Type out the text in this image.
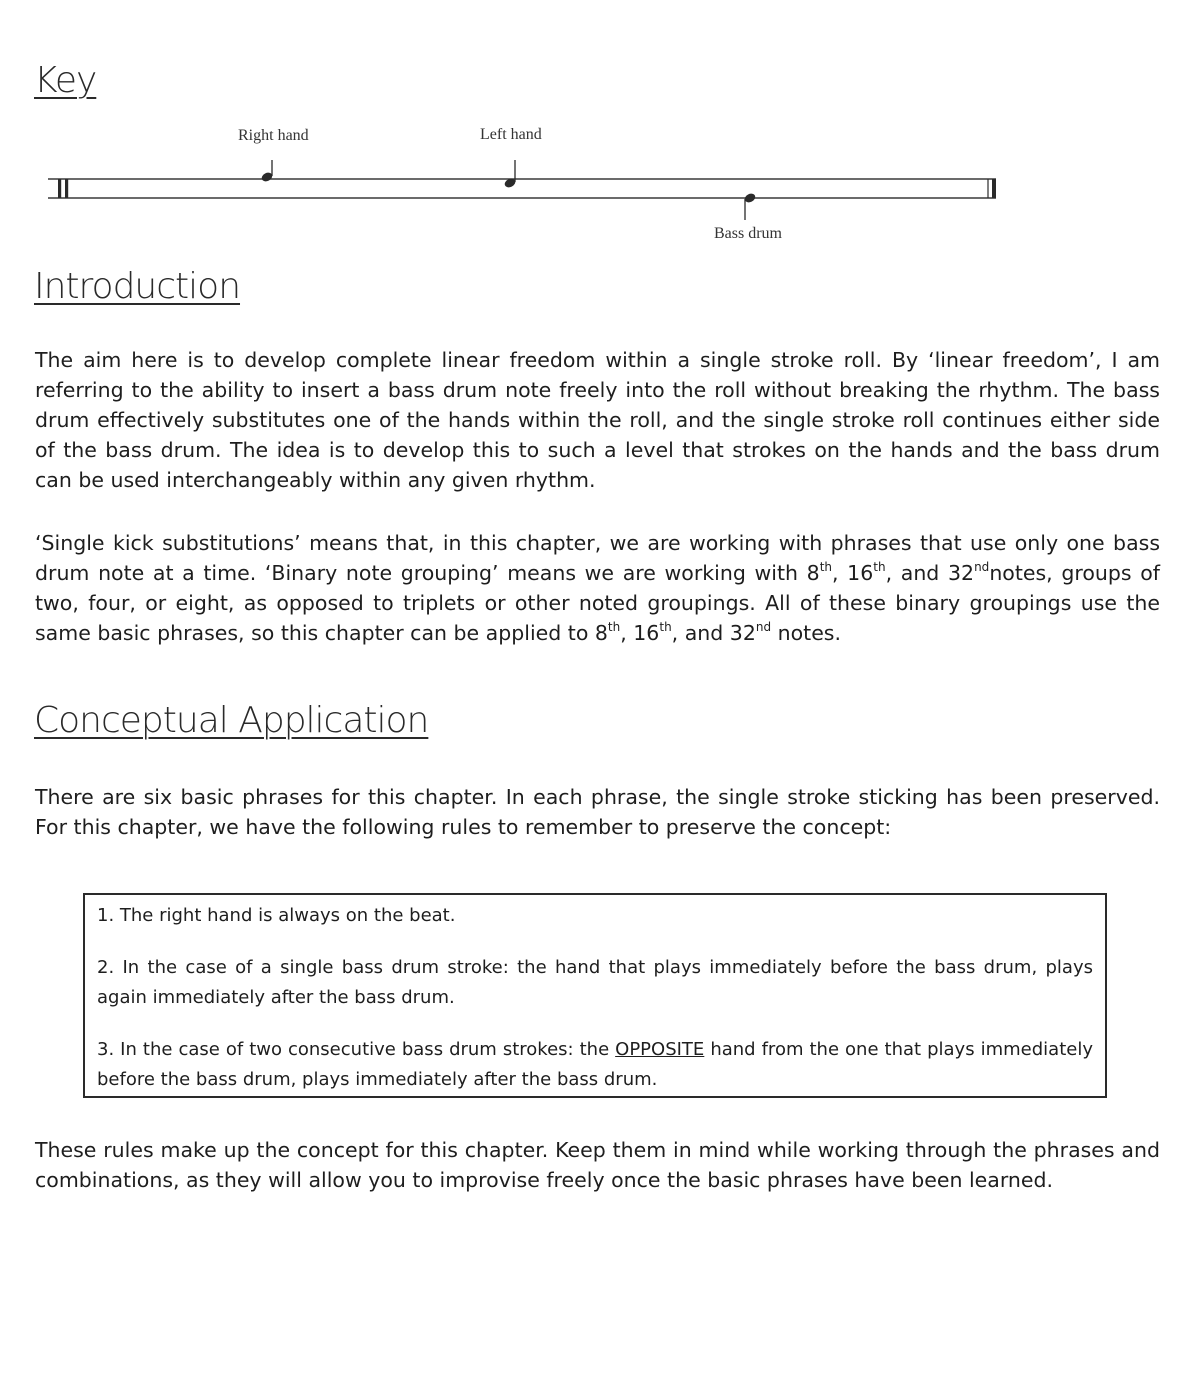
Key
Right hand	Left hand
Bass drum
Introduction

The aim here is to develop complete linear freedom within a single stroke roll. By ‘linear freedom’, I am referring to the ability to insert a bass drum note freely into the roll without breaking the rhythm. The bass drum effectively substitutes one of the hands within the roll, and the single stroke roll continues either side of the bass drum. The idea is to develop this to such a level that strokes on the hands and the bass drum can be used interchangeably within any given rhythm.

‘Single kick substitutions’ means that, in this chapter, we are working with phrases that use only one bass drum note at a time. ‘Binary note grouping’ means we are working with 8th, 16th, and 32ndnotes, groups of two, four, or eight, as opposed to triplets or other noted groupings. All of these binary groupings use the same basic phrases, so this chapter can be applied to 8th, 16th, and 32nd notes.

Conceptual Application

There are six basic phrases for this chapter. In each phrase, the single stroke sticking has been preserved. For this chapter, we have the following rules to remember to preserve the concept:

1. The right hand is always on the beat.

2. In the case of a single bass drum stroke: the hand that plays immediately before the bass drum, plays again immediately after the bass drum.

3. In the case of two consecutive bass drum strokes: the OPPOSITE hand from the one that plays immediately before the bass drum, plays immediately after the bass drum.

These rules make up the concept for this chapter. Keep them in mind while working through the phrases and combinations, as they will allow you to improvise freely once the basic phrases have been learned.
